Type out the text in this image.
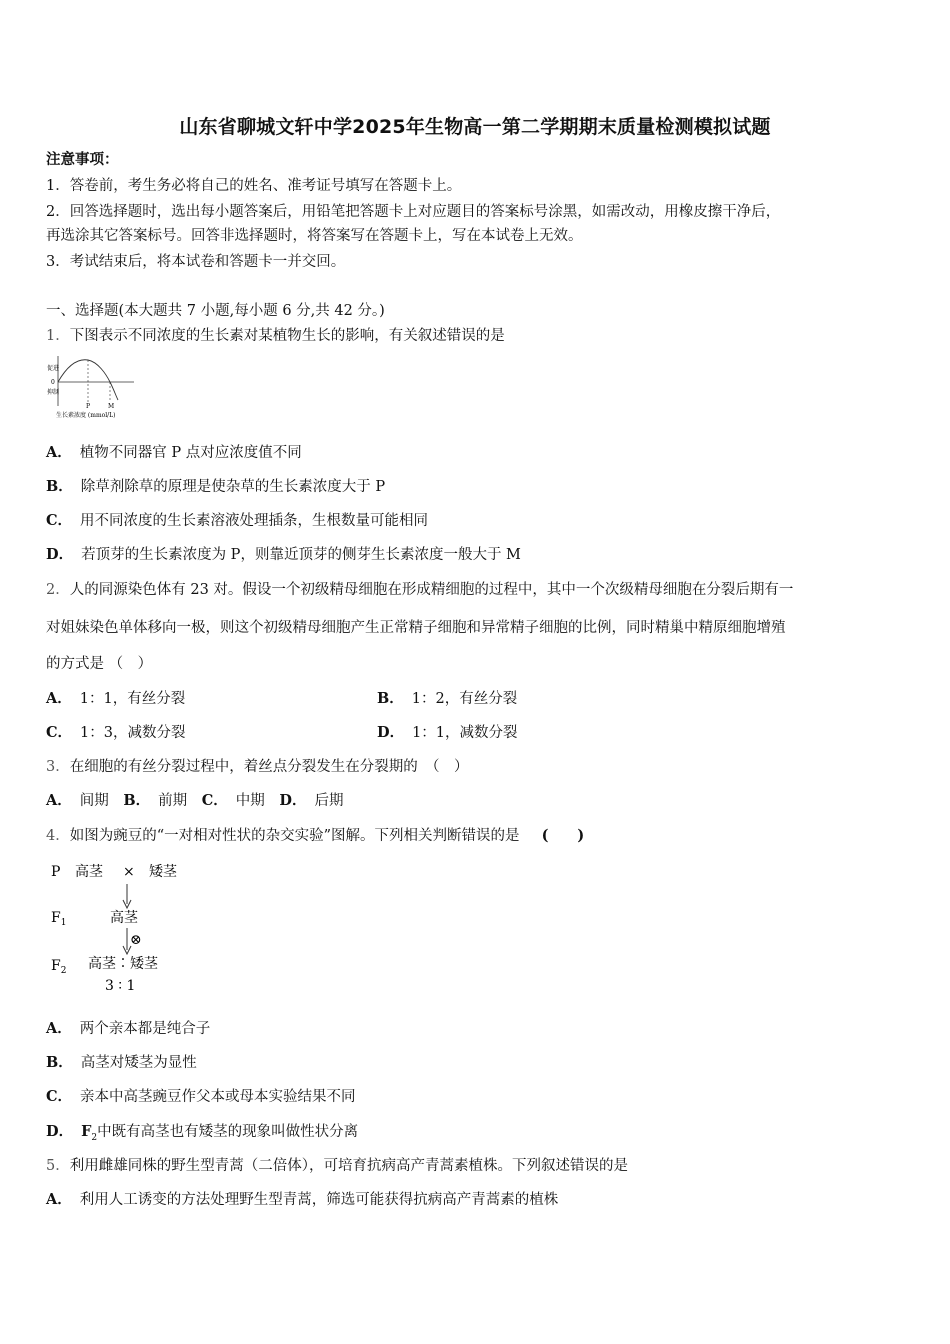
山东省聊城文轩中学2025年生物高一第二学期期末质量检测模拟试题
注意事项：
1．答卷前，考生务必将自己的姓名、准考证号填写在答题卡上。
2．回答选择题时，选出每小题答案后，用铅笔把答题卡上对应题目的答案标号涂黑，如需改动，用橡皮擦干净后，
再选涂其它答案标号。回答非选择题时，将答案写在答题卡上，写在本试卷上无效。
3．考试结束后，将本试卷和答题卡一并交回。
一、选择题(本大题共 7 小题,每小题 6 分,共 42 分。)
1．下图表示不同浓度的生长素对某植物生长的影响，有关叙述错误的是
促进
0
抑制
P	M
生长素浓度 (mmol/L)
A． 植物不同器官 P 点对应浓度值不同
B． 除草剂除草的原理是使杂草的生长素浓度大于 P
C． 用不同浓度的生长素溶液处理插条，生根数量可能相同
D． 若顶芽的生长素浓度为 P，则靠近顶芽的侧芽生长素浓度一般大于 M
2．人的同源染色体有 23 对。假设一个初级精母细胞在形成精细胞的过程中，其中一个次级精母细胞在分裂后期有一
对姐妹染色单体移向一极，则这个初级精母细胞产生正常精子细胞和异常精子细胞的比例，同时精巢中精原细胞增殖
的方式是 （　）
A． 1：1，有丝分裂	B． 1：2，有丝分裂
C． 1：3，减数分裂	D． 1：1，减数分裂
3．在细胞的有丝分裂过程中，着丝点分裂发生在分裂期的　（　）
A． 间期 B． 前期 C． 中期 D． 后期
4．如图为豌豆的“一对相对性状的杂交实验”图解。下列相关判断错误的是 (　　)
P 高茎 × 矮茎
$F_1$	高茎
⊗
$F_2$ 高茎∶矮茎
3 ∶ 1
A． 两个亲本都是纯合子
B． 高茎对矮茎为显性
C． 亲本中高茎豌豆作父本或母本实验结果不同
D． $F_2$中既有高茎也有矮茎的现象叫做性状分离
5．利用雌雄同株的野生型青蒿（二倍体），可培育抗病高产青蒿素植株。下列叙述错误的是
A． 利用人工诱变的方法处理野生型青蒿，筛选可能获得抗病高产青蒿素的植株
